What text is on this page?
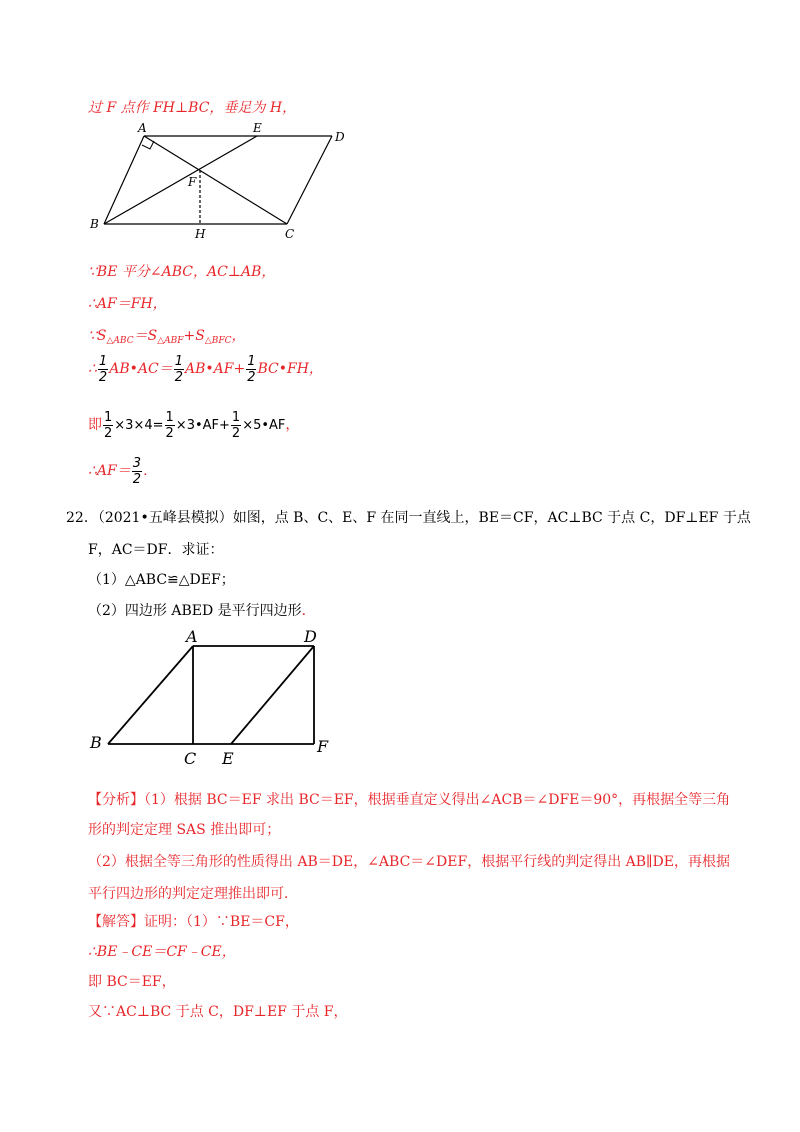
过 F 点作 FH⊥BC，垂足为 H，
A	E
D
F
B
H	C
∵BE 平分∠ABC，AC⊥AB，
∴AF＝FH，
$\because S_{\triangle ABC}=S_{\triangle ABF}+S_{\triangle BFC}$，
∴ $\frac{1}{2}$ AB•AC＝ $\frac{1}{2}$ AB•AF+ $\frac{1}{2}$ BC•FH，
即 $\frac{1}{2} \times 3\times 4= \frac{1}{2}$ ×3•AF+ $\frac{1}{2}$ ×5•AF，
∴AF＝ $\frac{3}{2}$ ．
22．（2021•五峰县模拟）如图，点 B、C、E、F 在同一直线上，BE＝CF，AC⊥BC 于点 C，DF⊥EF 于点
F，AC＝DF．求证：
（1）△ABC≌△DEF；
（2）四边形 ABED 是平行四边形．
A	D
B
C E
F
【分析】（1）根据 BC＝EF 求出 BC＝EF，根据垂直定义得出∠ACB＝∠DFE＝90°，再根据全等三角
形的判定定理 SAS 推出即可；
（2）根据全等三角形的性质得出 AB＝DE，∠ABC＝∠DEF，根据平行线的判定得出 AB∥DE，再根据
平行四边形的判定定理推出即可．
【解答】证明：（1）∵BE＝CF，
∴BE﹣CE＝CF﹣CE，
即 BC＝EF，
又∵AC⊥BC 于点 C，DF⊥EF 于点 F，
